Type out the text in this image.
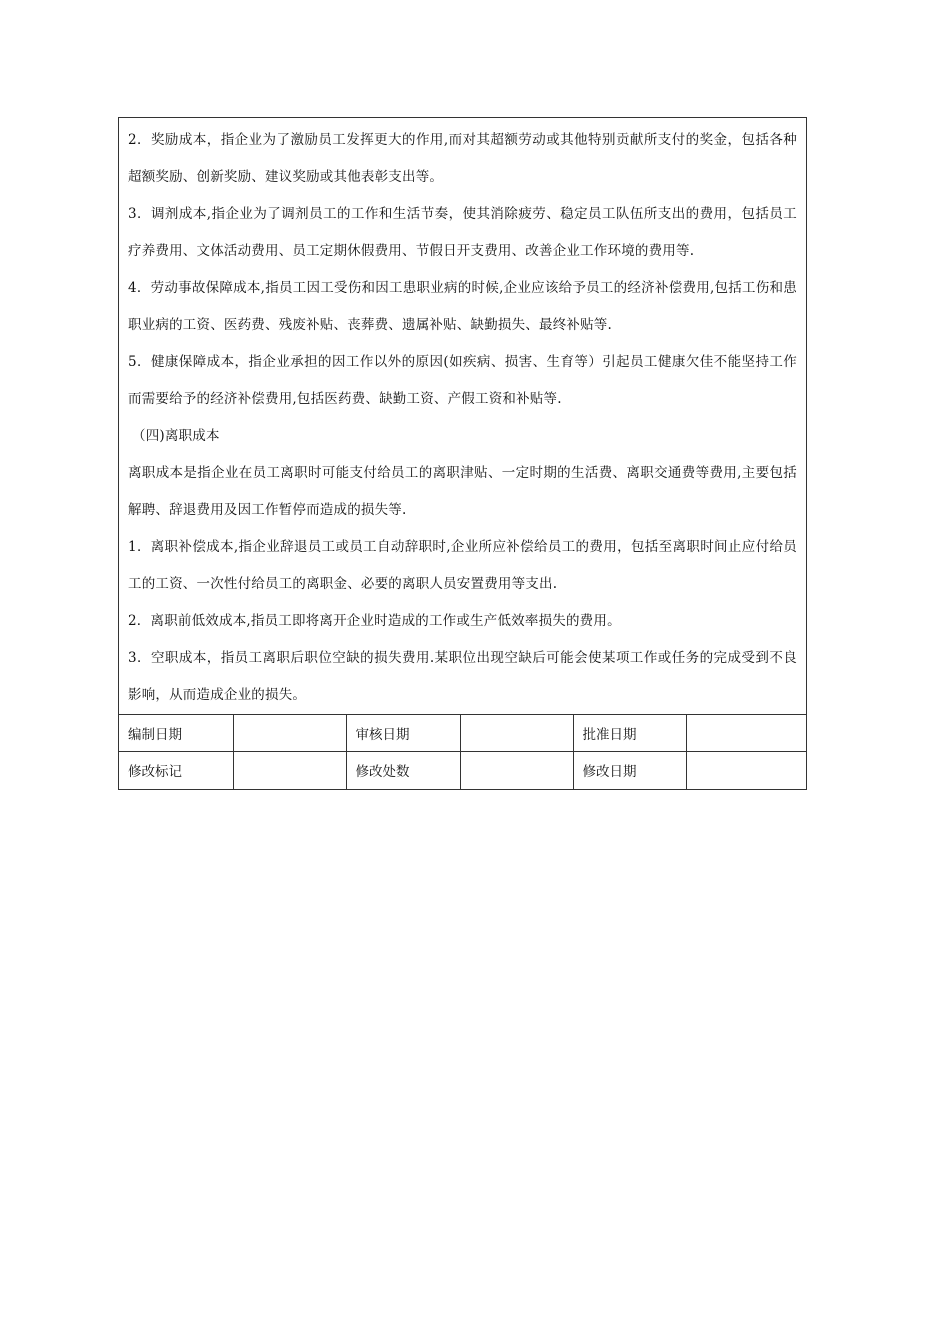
2．奖励成本，指企业为了激励员工发挥更大的作用,而对其超额劳动或其他特别贡献所支付的奖金，包括各种超额奖励、创新奖励、建议奖励或其他表彰支出等。

3．调剂成本,指企业为了调剂员工的工作和生活节奏，使其消除疲劳、稳定员工队伍所支出的费用，包括员工疗养费用、文体活动费用、员工定期休假费用、节假日开支费用、改善企业工作环境的费用等.

4．劳动事故保障成本,指员工因工受伤和因工患职业病的时候,企业应该给予员工的经济补偿费用,包括工伤和患职业病的工资、医药费、残废补贴、丧葬费、遗属补贴、缺勤损失、最终补贴等.

5．健康保障成本，指企业承担的因工作以外的原因(如疾病、损害、生育等）引起员工健康欠佳不能坚持工作而需要给予的经济补偿费用,包括医药费、缺勤工资、产假工资和补贴等.

（四)离职成本

离职成本是指企业在员工离职时可能支付给员工的离职津贴、一定时期的生活费、离职交通费等费用,主要包括解聘、辞退费用及因工作暂停而造成的损失等.

1．离职补偿成本,指企业辞退员工或员工自动辞职时,企业所应补偿给员工的费用，包括至离职时间止应付给员工的工资、一次性付给员工的离职金、必要的离职人员安置费用等支出.

2．离职前低效成本,指员工即将离开企业时造成的工作或生产低效率损失的费用。

3．空职成本，指员工离职后职位空缺的损失费用.某职位出现空缺后可能会使某项工作或任务的完成受到不良影响，从而造成企业的损失。

编制日期		审核日期		批准日期	
修改标记		修改处数		修改日期	
